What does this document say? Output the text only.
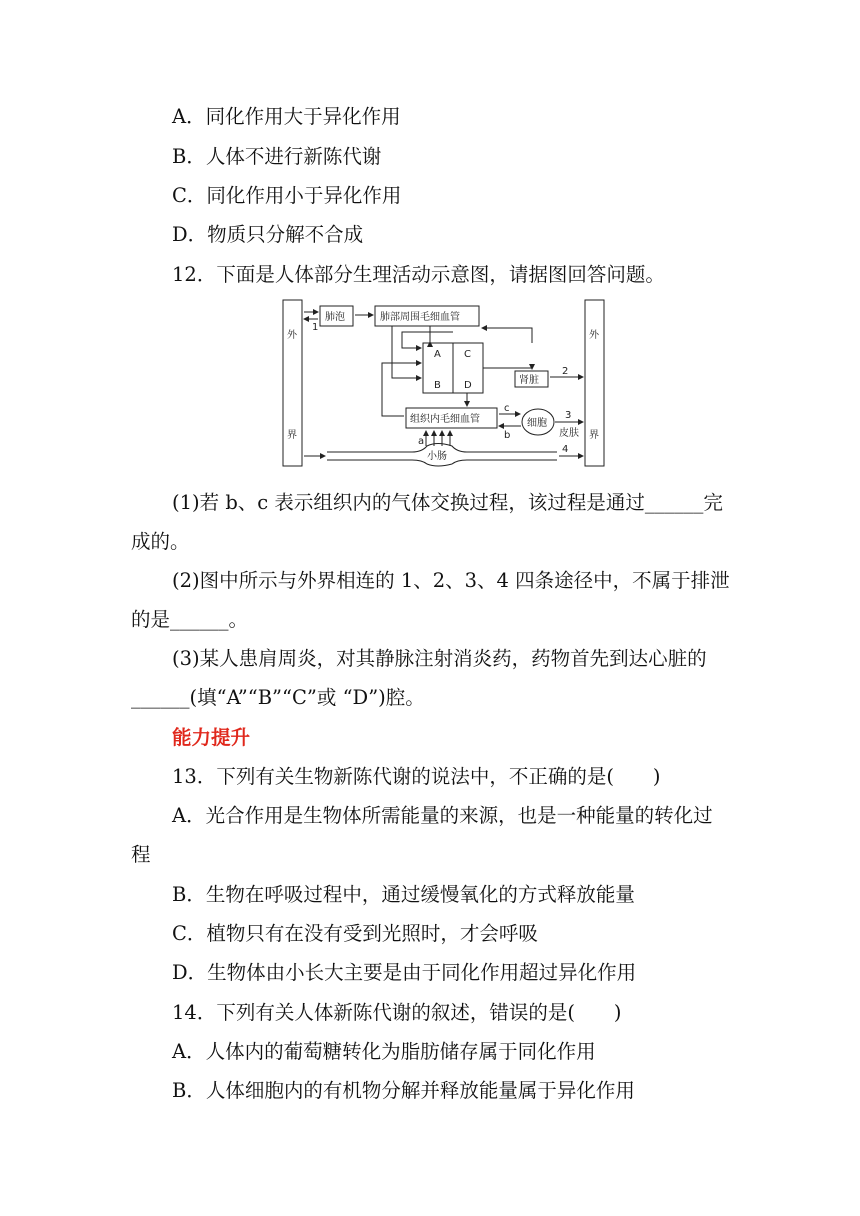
A．同化作用大于异化作用
B．人体不进行新陈代谢
C．同化作用小于异化作用
D．物质只分解不合成
12．下面是人体部分生理活动示意图，请据图回答问题。
外
界
外
界
肺泡	肺部周围毛细血管
A
B
C
D	肾脏
组织内毛细血管	细胞
皮肤
小肠
1
2
3
4
a
b
c
(1)若 b、c 表示组织内的气体交换过程，该过程是通过______完
成的。
(2)图中所示与外界相连的 1、2、3、4 四条途径中，不属于排泄
的是______。
(3)某人患肩周炎，对其静脉注射消炎药，药物首先到达心脏的
______(填“A”“B”“C”或 “D”)腔。
能力提升
13．下列有关生物新陈代谢的说法中，不正确的是(　　)
A．光合作用是生物体所需能量的来源，也是一种能量的转化过
程
B．生物在呼吸过程中，通过缓慢氧化的方式释放能量
C．植物只有在没有受到光照时，才会呼吸
D．生物体由小长大主要是由于同化作用超过异化作用
14．下列有关人体新陈代谢的叙述，错误的是(　　)
A．人体内的葡萄糖转化为脂肪储存属于同化作用
B．人体细胞内的有机物分解并释放能量属于异化作用
